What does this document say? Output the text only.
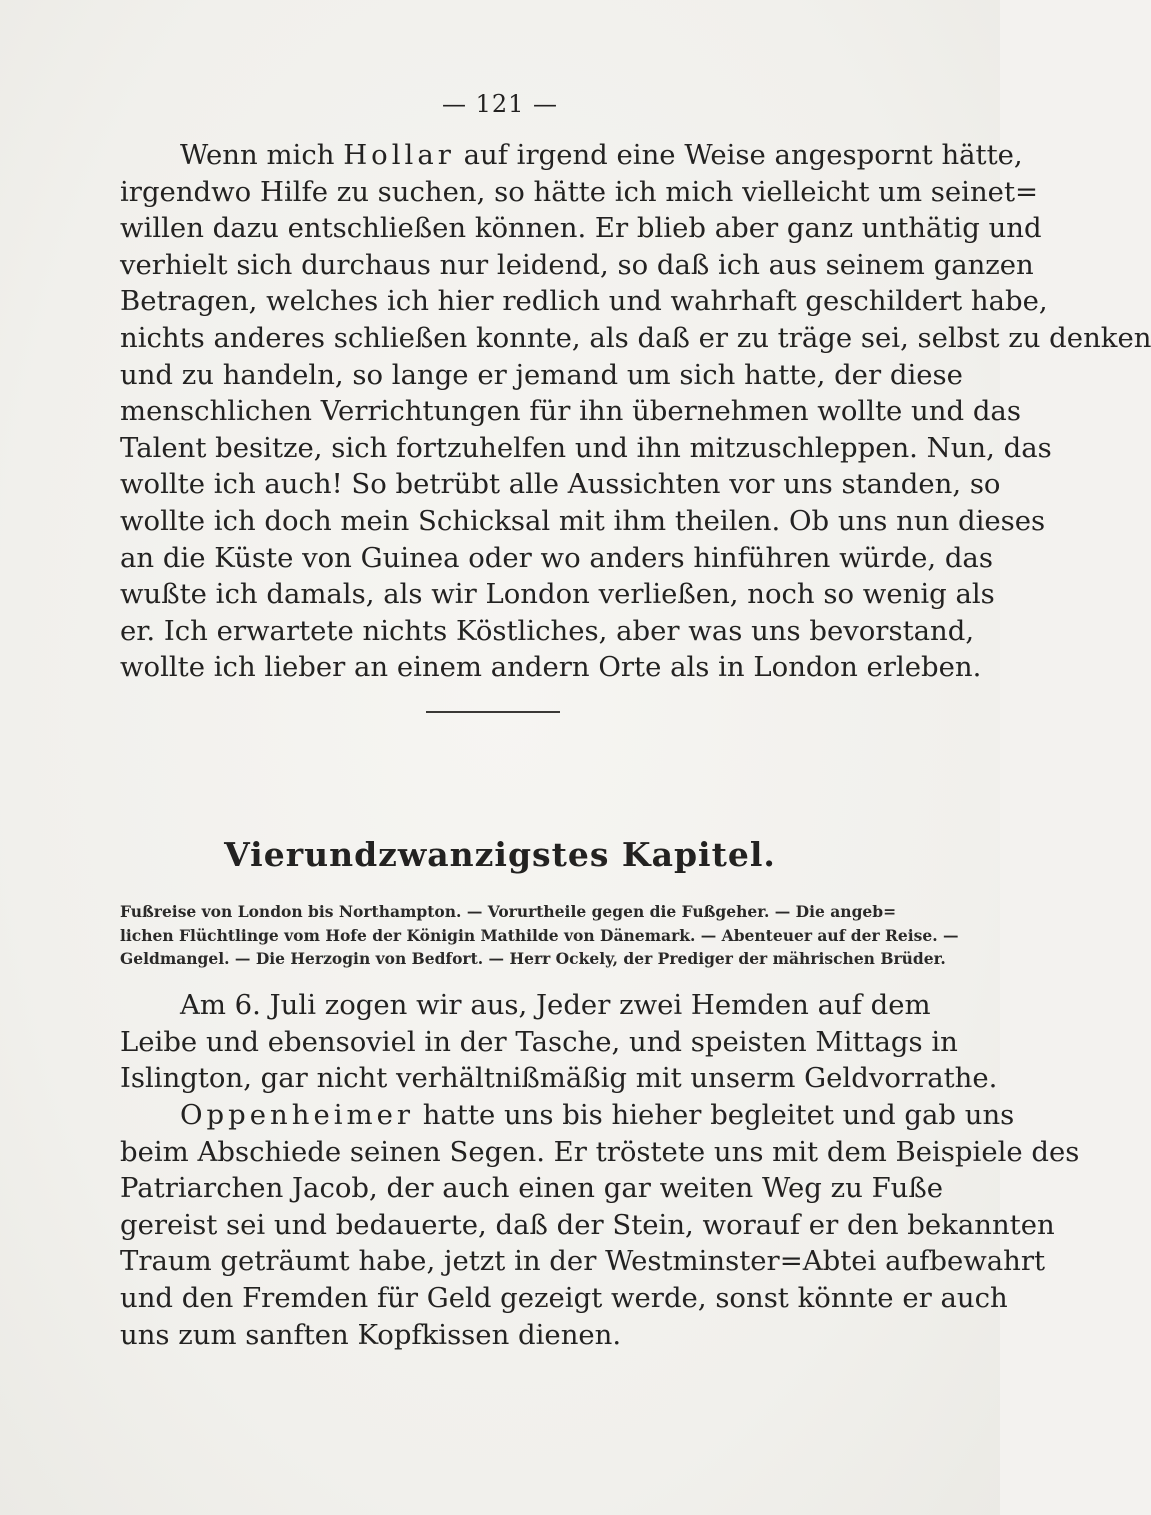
— 121 —
Wenn mich Hollar auf irgend eine Weise angespornt hätte,
irgendwo Hilfe zu suchen, so hätte ich mich vielleicht um seinet=
willen dazu entschließen können. Er blieb aber ganz unthätig und
verhielt sich durchaus nur leidend, so daß ich aus seinem ganzen
Betragen, welches ich hier redlich und wahrhaft geschildert habe,
nichts anderes schließen konnte, als daß er zu träge sei, selbst zu denken
und zu handeln, so lange er jemand um sich hatte, der diese
menschlichen Verrichtungen für ihn übernehmen wollte und das
Talent besitze, sich fortzuhelfen und ihn mitzuschleppen. Nun, das
wollte ich auch! So betrübt alle Aussichten vor uns standen, so
wollte ich doch mein Schicksal mit ihm theilen. Ob uns nun dieses
an die Küste von Guinea oder wo anders hinführen würde, das
wußte ich damals, als wir London verließen, noch so wenig als
er. Ich erwartete nichts Köstliches, aber was uns bevorstand,
wollte ich lieber an einem andern Orte als in London erleben.
Vierundzwanzigstes Kapitel.
Fußreise von London bis Northampton. — Vorurtheile gegen die Fußgeher. — Die angeb=
lichen Flüchtlinge vom Hofe der Königin Mathilde von Dänemark. — Abenteuer auf der Reise. —
Geldmangel. — Die Herzogin von Bedfort. — Herr Ockely, der Prediger der mährischen Brüder.
Am 6. Juli zogen wir aus, Jeder zwei Hemden auf dem
Leibe und ebensoviel in der Tasche, und speisten Mittags in
Islington, gar nicht verhältnißmäßig mit unserm Geldvorrathe.
Oppenheimer hatte uns bis hieher begleitet und gab uns
beim Abschiede seinen Segen. Er tröstete uns mit dem Beispiele des
Patriarchen Jacob, der auch einen gar weiten Weg zu Fuße
gereist sei und bedauerte, daß der Stein, worauf er den bekannten
Traum geträumt habe, jetzt in der Westminster=Abtei aufbewahrt
und den Fremden für Geld gezeigt werde, sonst könnte er auch
uns zum sanften Kopfkissen dienen.
